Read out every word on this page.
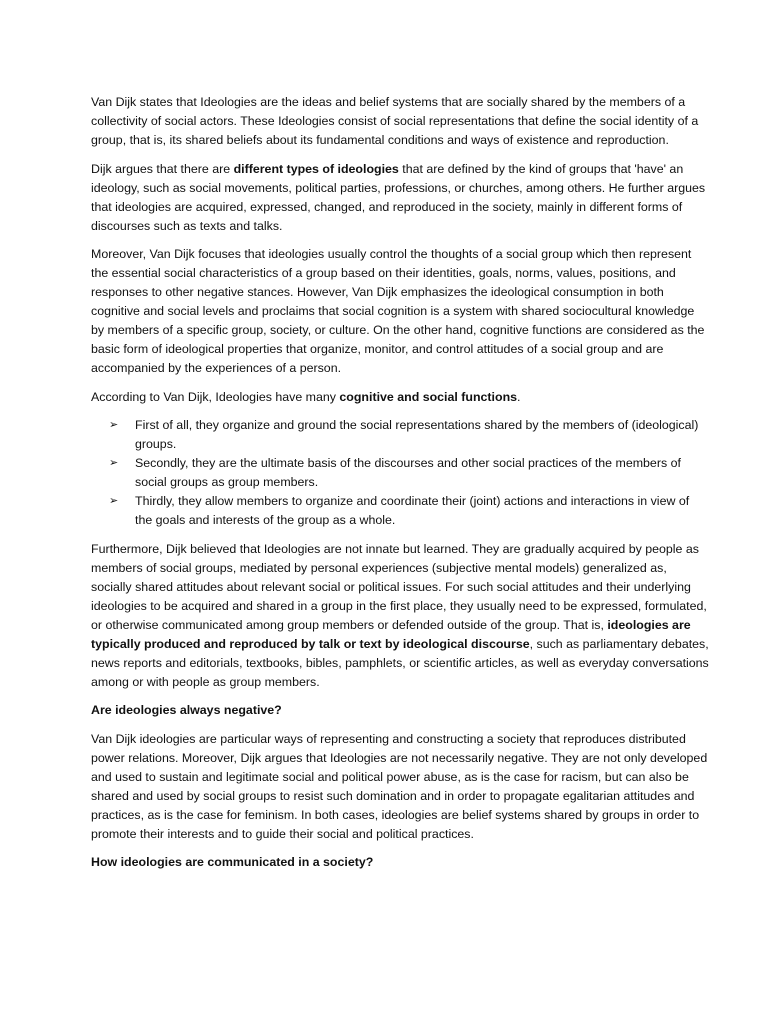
Van Dijk states that Ideologies are the ideas and belief systems that are socially shared by the members of a collectivity of social actors. These Ideologies consist of social representations that define the social identity of a group, that is, its shared beliefs about its fundamental conditions and ways of existence and reproduction.

Dijk argues that there are different types of ideologies that are defined by the kind of groups that 'have' an ideology, such as social movements, political parties, professions, or churches, among others. He further argues that ideologies are acquired, expressed, changed, and reproduced in the society, mainly in different forms of discourses such as texts and talks.

Moreover, Van Dijk focuses that ideologies usually control the thoughts of a social group which then represent the essential social characteristics of a group based on their identities, goals, norms, values, positions, and responses to other negative stances. However, Van Dijk emphasizes the ideological consumption in both cognitive and social levels and proclaims that social cognition is a system with shared sociocultural knowledge by members of a specific group, society, or culture. On the other hand, cognitive functions are considered as the basic form of ideological properties that organize, monitor, and control attitudes of a social group and are accompanied by the experiences of a person.

According to Van Dijk, Ideologies have many cognitive and social functions.

➢ First of all, they organize and ground the social representations shared by the members of (ideological) groups.
➢ Secondly, they are the ultimate basis of the discourses and other social practices of the members of social groups as group members.
➢ Thirdly, they allow members to organize and coordinate their (joint) actions and interactions in view of the goals and interests of the group as a whole.

Furthermore, Dijk believed that Ideologies are not innate but learned. They are gradually acquired by people as members of social groups, mediated by personal experiences (subjective mental models) generalized as, socially shared attitudes about relevant social or political issues. For such social attitudes and their underlying ideologies to be acquired and shared in a group in the first place, they usually need to be expressed, formulated, or otherwise communicated among group members or defended outside of the group. That is, ideologies are typically produced and reproduced by talk or text by ideological discourse, such as parliamentary debates, news reports and editorials, textbooks, bibles, pamphlets, or scientific articles, as well as everyday conversations among or with people as group members.

Are ideologies always negative?

Van Dijk ideologies are particular ways of representing and constructing a society that reproduces distributed power relations. Moreover, Dijk argues that Ideologies are not necessarily negative. They are not only developed and used to sustain and legitimate social and political power abuse, as is the case for racism, but can also be shared and used by social groups to resist such domination and in order to propagate egalitarian attitudes and practices, as is the case for feminism. In both cases, ideologies are belief systems shared by groups in order to promote their interests and to guide their social and political practices.

How ideologies are communicated in a society?
